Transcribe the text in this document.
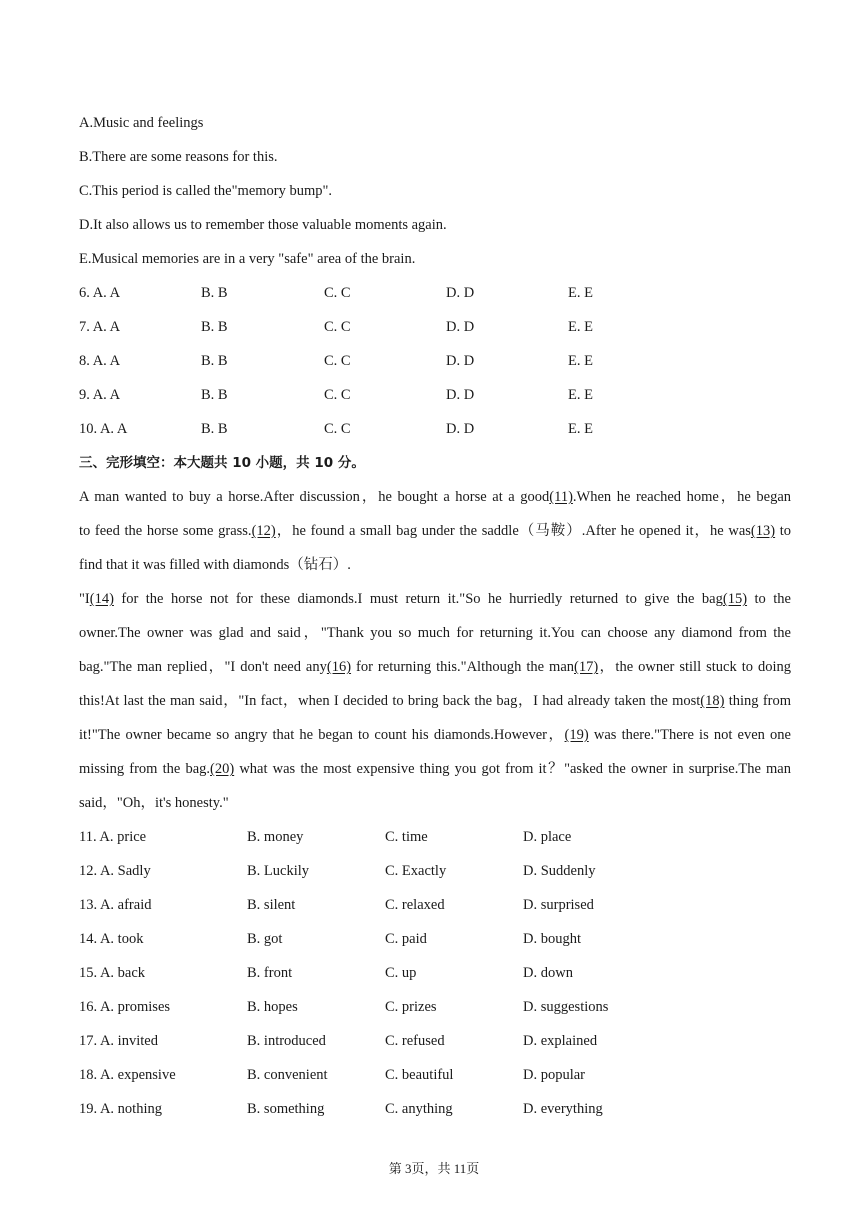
A.Music and feelings
B.There are some reasons for this.
C.This period is called the"memory bump".
D.It also allows us to remember those valuable moments again.
E.Musical memories are in a very "safe" area of the brain.
6. A. A	B. B	C. C	D. D	E. E
7. A. A	B. B	C. C	D. D	E. E
8. A. A	B. B	C. C	D. D	E. E
9. A. A	B. B	C. C	D. D	E. E
10. A. A	B. B	C. C	D. D	E. E
三、完形填空：本大题共 10 小题，共 10 分。
A man wanted to buy a horse.After discussion，he bought a horse at a good(11).When he reached home，he began
to feed the horse some grass.(12)，he found a small bag under the saddle（马鞍）.After he opened it，he was(13) to
find that it was filled with diamonds（钻石）.
"I(14) for the horse not for these diamonds.I must return it."So he hurriedly returned to give the bag(15) to the
owner.The owner was glad and said，"Thank you so much for returning it.You can choose any diamond from the
bag."The man replied，"I don't need any(16) for returning this."Although the man(17)，the owner still stuck to doing
this!At last the man said，"In fact，when I decided to bring back the bag，I had already taken the most(18) thing from
it!"The owner became so angry that he began to count his diamonds.However，(19) was there."There is not even one
missing from the bag.(20) what was the most expensive thing you got from it？"asked the owner in surprise.The man
said，"Oh，it's honesty."
11. A. price	B. money	C. time	D. place
12. A. Sadly	B. Luckily	C. Exactly	D. Suddenly
13. A. afraid	B. silent	C. relaxed	D. surprised
14. A. took	B. got	C. paid	D. bought
15. A. back	B. front	C. up	D. down
16. A. promises	B. hopes	C. prizes	D. suggestions
17. A. invited	B. introduced	C. refused	D. explained
18. A. expensive	B. convenient	C. beautiful	D. popular
19. A. nothing	B. something	C. anything	D. everything
第 3页，共 11页
